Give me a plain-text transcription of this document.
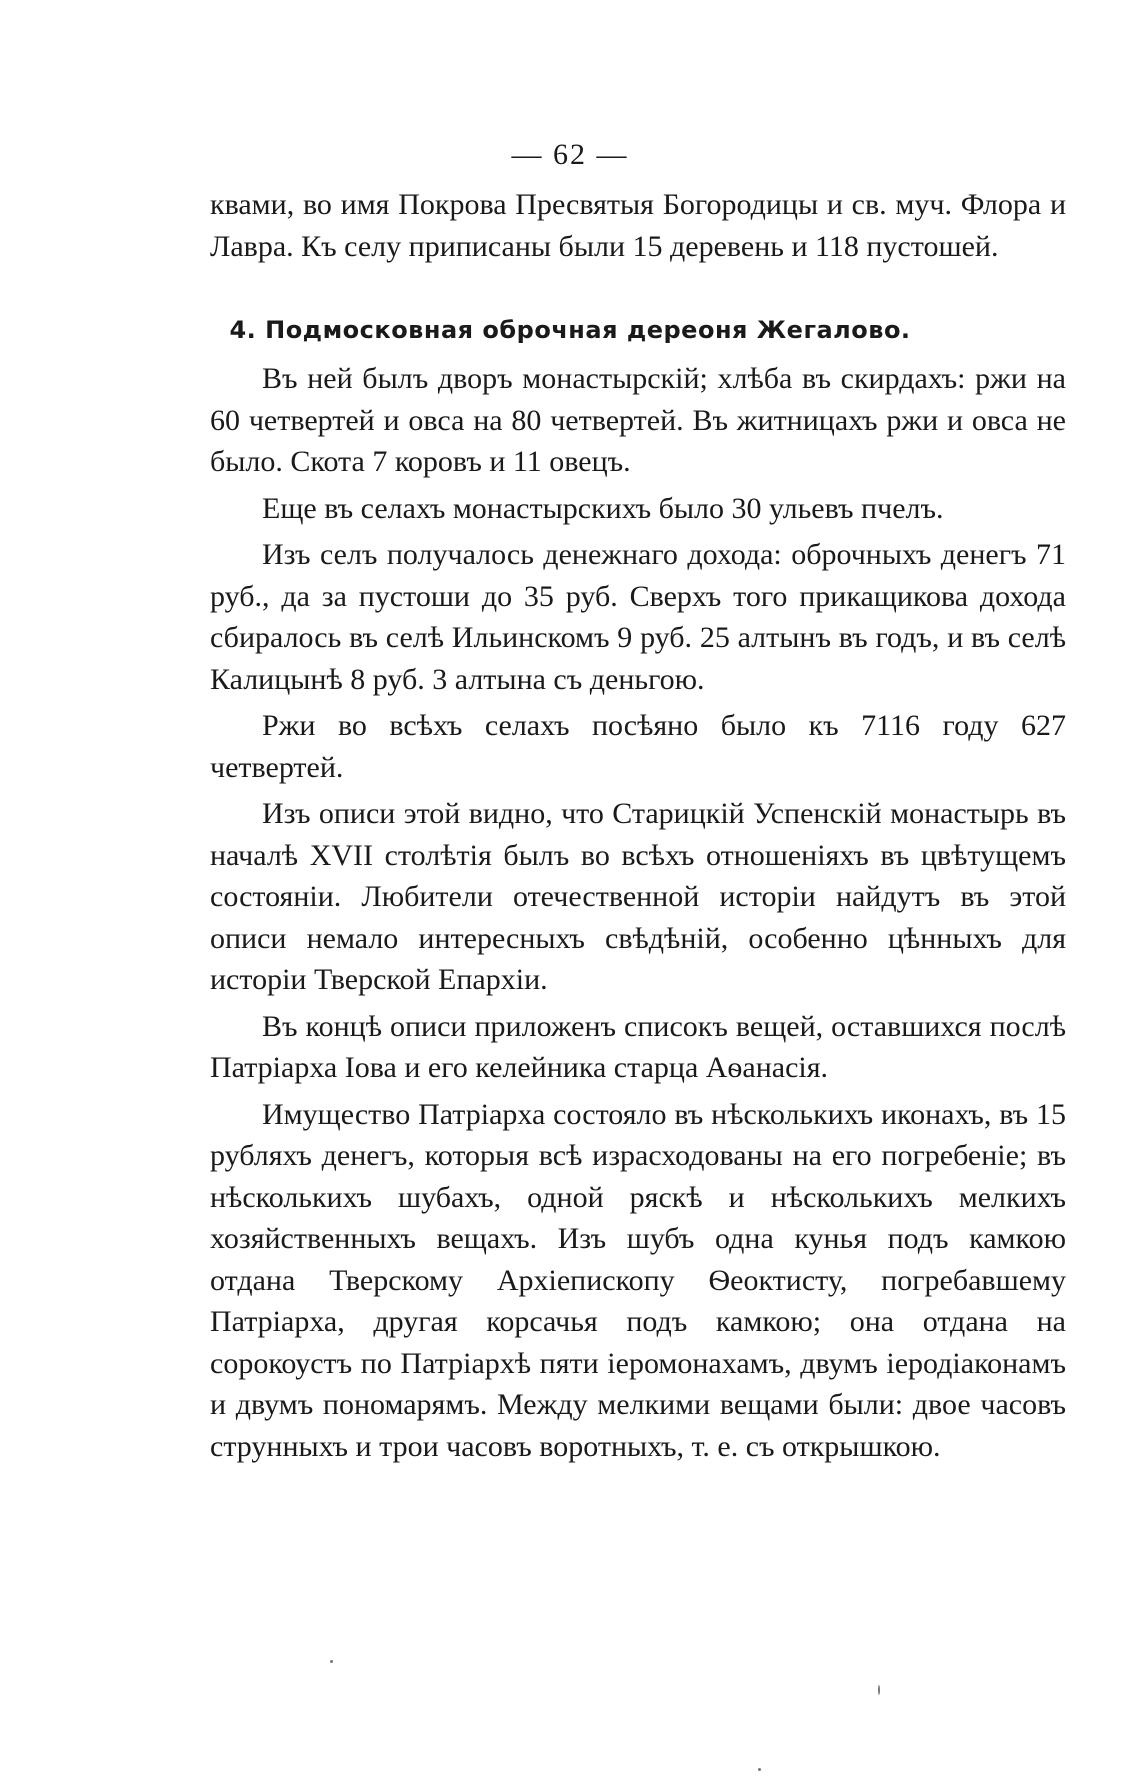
— 62 —

квами, во имя Покрова Пресвятыя Богородицы и св. муч. Флора и Лавра. Къ селу приписаны были 15 деревень и 118 пустошей.

4. Подмосковная оброчная дереоня Жегалово.

Въ ней былъ дворъ монастырскій; хлѣба въ скирдахъ: ржи на 60 четвертей и овса на 80 четвертей. Въ житницахъ ржи и овса не было. Скота 7 коровъ и 11 овецъ.

Еще въ селахъ монастырскихъ было 30 ульевъ пчелъ.

Изъ селъ получалось денежнаго дохода: оброчныхъ денегъ 71 руб., да за пустоши до 35 руб. Сверхъ того прикащикова дохода сбиралось въ селѣ Ильинскомъ 9 руб. 25 алтынъ въ годъ, и въ селѣ Калицынѣ 8 руб. 3 алтына съ деньгою.

Ржи во всѣхъ селахъ посѣяно было къ 7116 году 627 четвертей.

Изъ описи этой видно, что Старицкій Успенскій монастырь въ началѣ XVII столѣтія былъ во всѣхъ отношеніяхъ въ цвѣтущемъ состояніи. Любители отечественной исторіи найдутъ въ этой описи немало интересныхъ свѣдѣній, особенно цѣнныхъ для исторіи Тверской Епархіи.

Въ концѣ описи приложенъ списокъ вещей, оставшихся послѣ Патріарха Іова и его келейника старца Аѳанасія.

Имущество Патріарха состояло въ нѣсколькихъ иконахъ, въ 15 рубляхъ денегъ, которыя всѣ израсходованы на его погребеніе; въ нѣсколькихъ шубахъ, одной ряскѣ и нѣсколькихъ мелкихъ хозяйственныхъ вещахъ. Изъ шубъ одна кунья подъ камкою отдана Тверскому Архіепископу Ѳеоктисту, погребавшему Патріарха, другая корсачья подъ камкою; она отдана на сорокоустъ по Патріархѣ пяти іеромонахамъ, двумъ іеродіаконамъ и двумъ пономарямъ. Между мелкими вещами были: двое часовъ струнныхъ и трои часовъ воротныхъ, т. е. съ открышкою.
